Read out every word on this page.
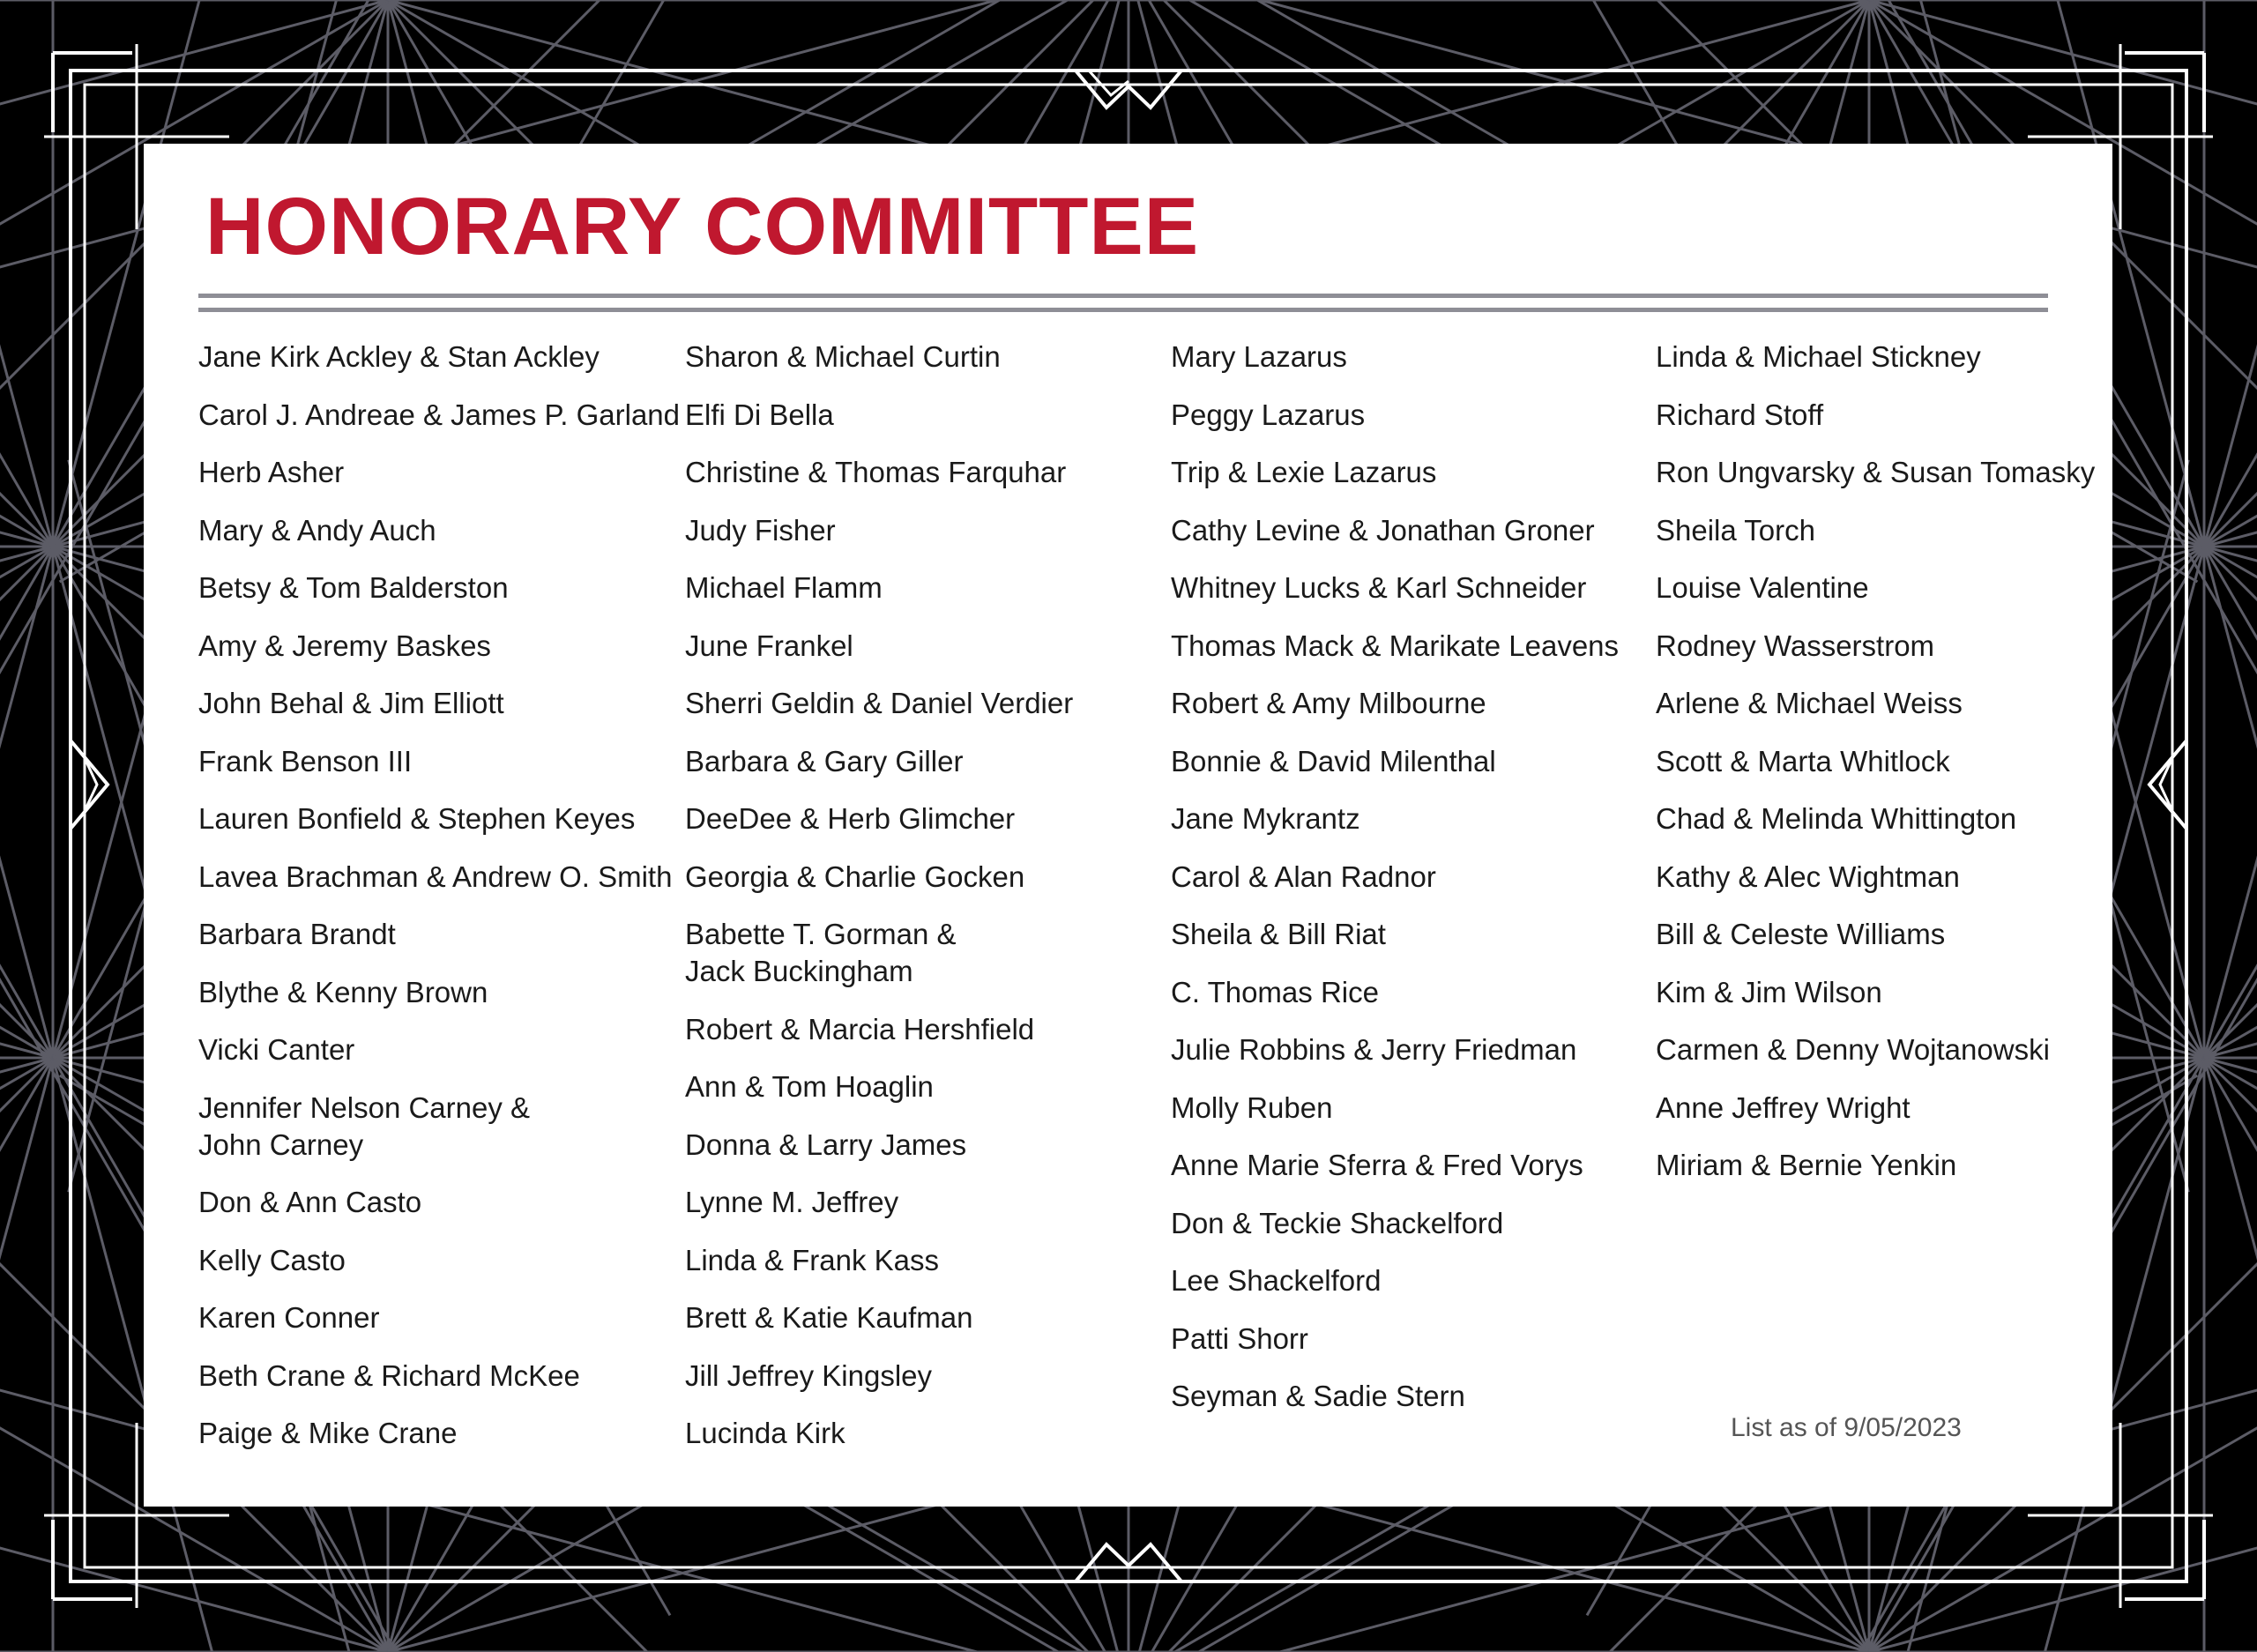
HONORARY COMMITTEE
Jane Kirk Ackley & Stan Ackley
Carol J. Andreae & James P. Garland
Herb Asher
Mary & Andy Auch
Betsy & Tom Balderston
Amy & Jeremy Baskes
John Behal & Jim Elliott
Frank Benson III
Lauren Bonfield & Stephen Keyes
Lavea Brachman & Andrew O. Smith
Barbara Brandt
Blythe & Kenny Brown
Vicki Canter
Jennifer Nelson Carney &
John Carney
Don & Ann Casto
Kelly Casto
Karen Conner
Beth Crane & Richard McKee
Paige & Mike Crane
Sharon & Michael Curtin
Elfi Di Bella
Christine & Thomas Farquhar
Judy Fisher
Michael Flamm
June Frankel
Sherri Geldin & Daniel Verdier
Barbara & Gary Giller
DeeDee & Herb Glimcher
Georgia & Charlie Gocken
Babette T. Gorman &
Jack Buckingham
Robert & Marcia Hershfield
Ann & Tom Hoaglin
Donna & Larry James
Lynne M. Jeffrey
Linda & Frank Kass
Brett & Katie Kaufman
Jill Jeffrey Kingsley
Lucinda Kirk
Mary Lazarus
Peggy Lazarus
Trip & Lexie Lazarus
Cathy Levine & Jonathan Groner
Whitney Lucks & Karl Schneider
Thomas Mack & Marikate Leavens
Robert & Amy Milbourne
Bonnie & David Milenthal
Jane Mykrantz
Carol & Alan Radnor
Sheila & Bill Riat
C. Thomas Rice
Julie Robbins & Jerry Friedman
Molly Ruben
Anne Marie Sferra & Fred Vorys
Don & Teckie Shackelford
Lee Shackelford
Patti Shorr
Seyman & Sadie Stern
Linda & Michael Stickney
Richard Stoff
Ron Ungvarsky & Susan Tomasky
Sheila Torch
Louise Valentine
Rodney Wasserstrom
Arlene & Michael Weiss
Scott & Marta Whitlock
Chad & Melinda Whittington
Kathy & Alec Wightman
Bill & Celeste Williams
Kim & Jim Wilson
Carmen & Denny Wojtanowski
Anne Jeffrey Wright
Miriam & Bernie Yenkin
List as of 9/05/2023
